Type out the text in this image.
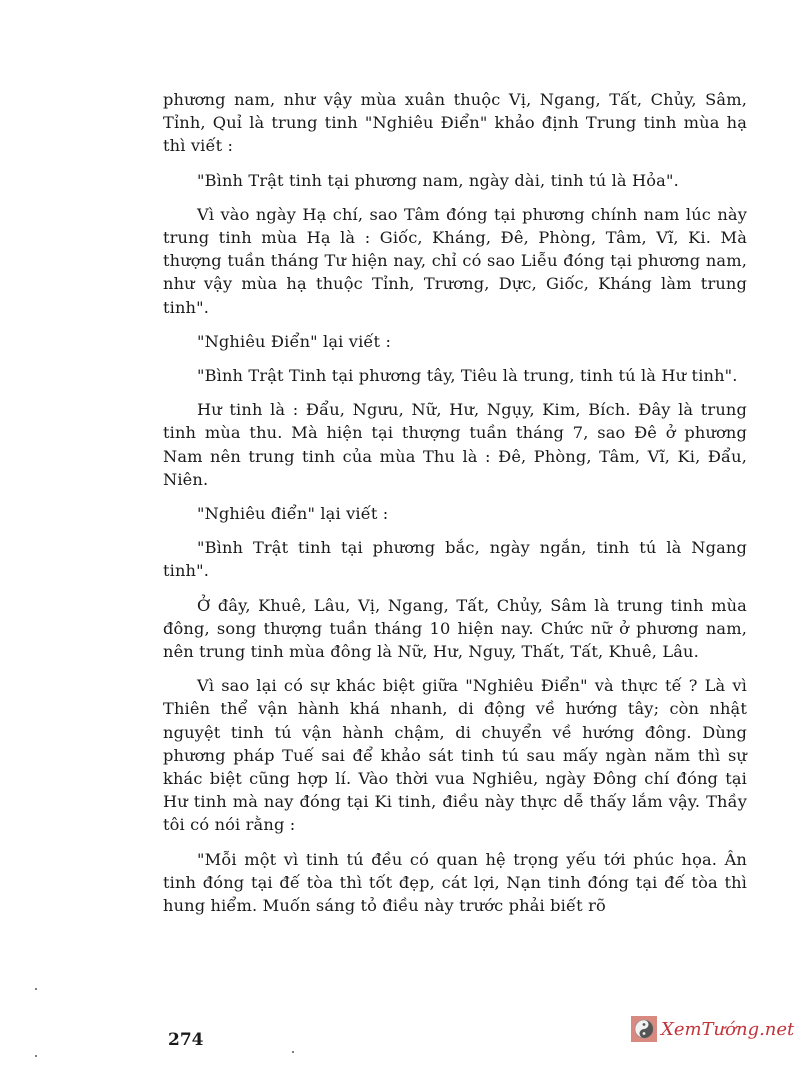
phương nam, như vậy mùa xuân thuộc Vị, Ngang, Tất, Chủy, Sâm, Tỉnh, Quỉ là trung tinh "Nghiêu Điển" khảo định Trung tinh mùa hạ thì viết :

"Bình Trật tinh tại phương nam, ngày dài, tinh tú là Hỏa".

Vì vào ngày Hạ chí, sao Tâm đóng tại phương chính nam lúc này trung tinh mùa Hạ là : Giốc, Kháng, Đê, Phòng, Tâm, Vĩ, Ki. Mà thượng tuần tháng Tư hiện nay, chỉ có sao Liễu đóng tại phương nam, như vậy mùa hạ thuộc Tỉnh, Trương, Dực, Giốc, Kháng làm trung tinh".

"Nghiêu Điển" lại viết :

"Bình Trật Tinh tại phương tây, Tiêu là trung, tinh tú là Hư tinh".

Hư tinh là : Đẩu, Ngưu, Nữ, Hư, Ngụy, Kim, Bích. Đây là trung tinh mùa thu. Mà hiện tại thượng tuần tháng 7, sao Đê ở phương Nam nên trung tinh của mùa Thu là : Đê, Phòng, Tâm, Vĩ, Ki, Đẩu, Niên.

"Nghiêu điển" lại viết :

"Bình Trật tinh tại phương bắc, ngày ngắn, tinh tú là Ngang tinh".

Ở đây, Khuê, Lâu, Vị, Ngang, Tất, Chủy, Sâm là trung tinh mùa đông, song thượng tuần tháng 10 hiện nay. Chức nữ ở phương nam, nên trung tinh mùa đông là Nữ, Hư, Nguy, Thất, Tất, Khuê, Lâu.

Vì sao lại có sự khác biệt giữa "Nghiêu Điển" và thực tế ? Là vì Thiên thể vận hành khá nhanh, di động về hướng tây; còn nhật nguyệt tinh tú vận hành chậm, di chuyển về hướng đông. Dùng phương pháp Tuế sai để khảo sát tinh tú sau mấy ngàn năm thì sự khác biệt cũng hợp lí. Vào thời vua Nghiêu, ngày Đông chí đóng tại Hư tinh mà nay đóng tại Ki tinh, điều này thực dễ thấy lắm vậy. Thầy tôi có nói rằng :

"Mỗi một vì tinh tú đều có quan hệ trọng yếu tới phúc họa. Ân tinh đóng tại đế tòa thì tốt đẹp, cát lợi, Nạn tinh đóng tại đế tòa thì hung hiểm. Muốn sáng tỏ điều này trước phải biết rõ

274
XemTướng.net
